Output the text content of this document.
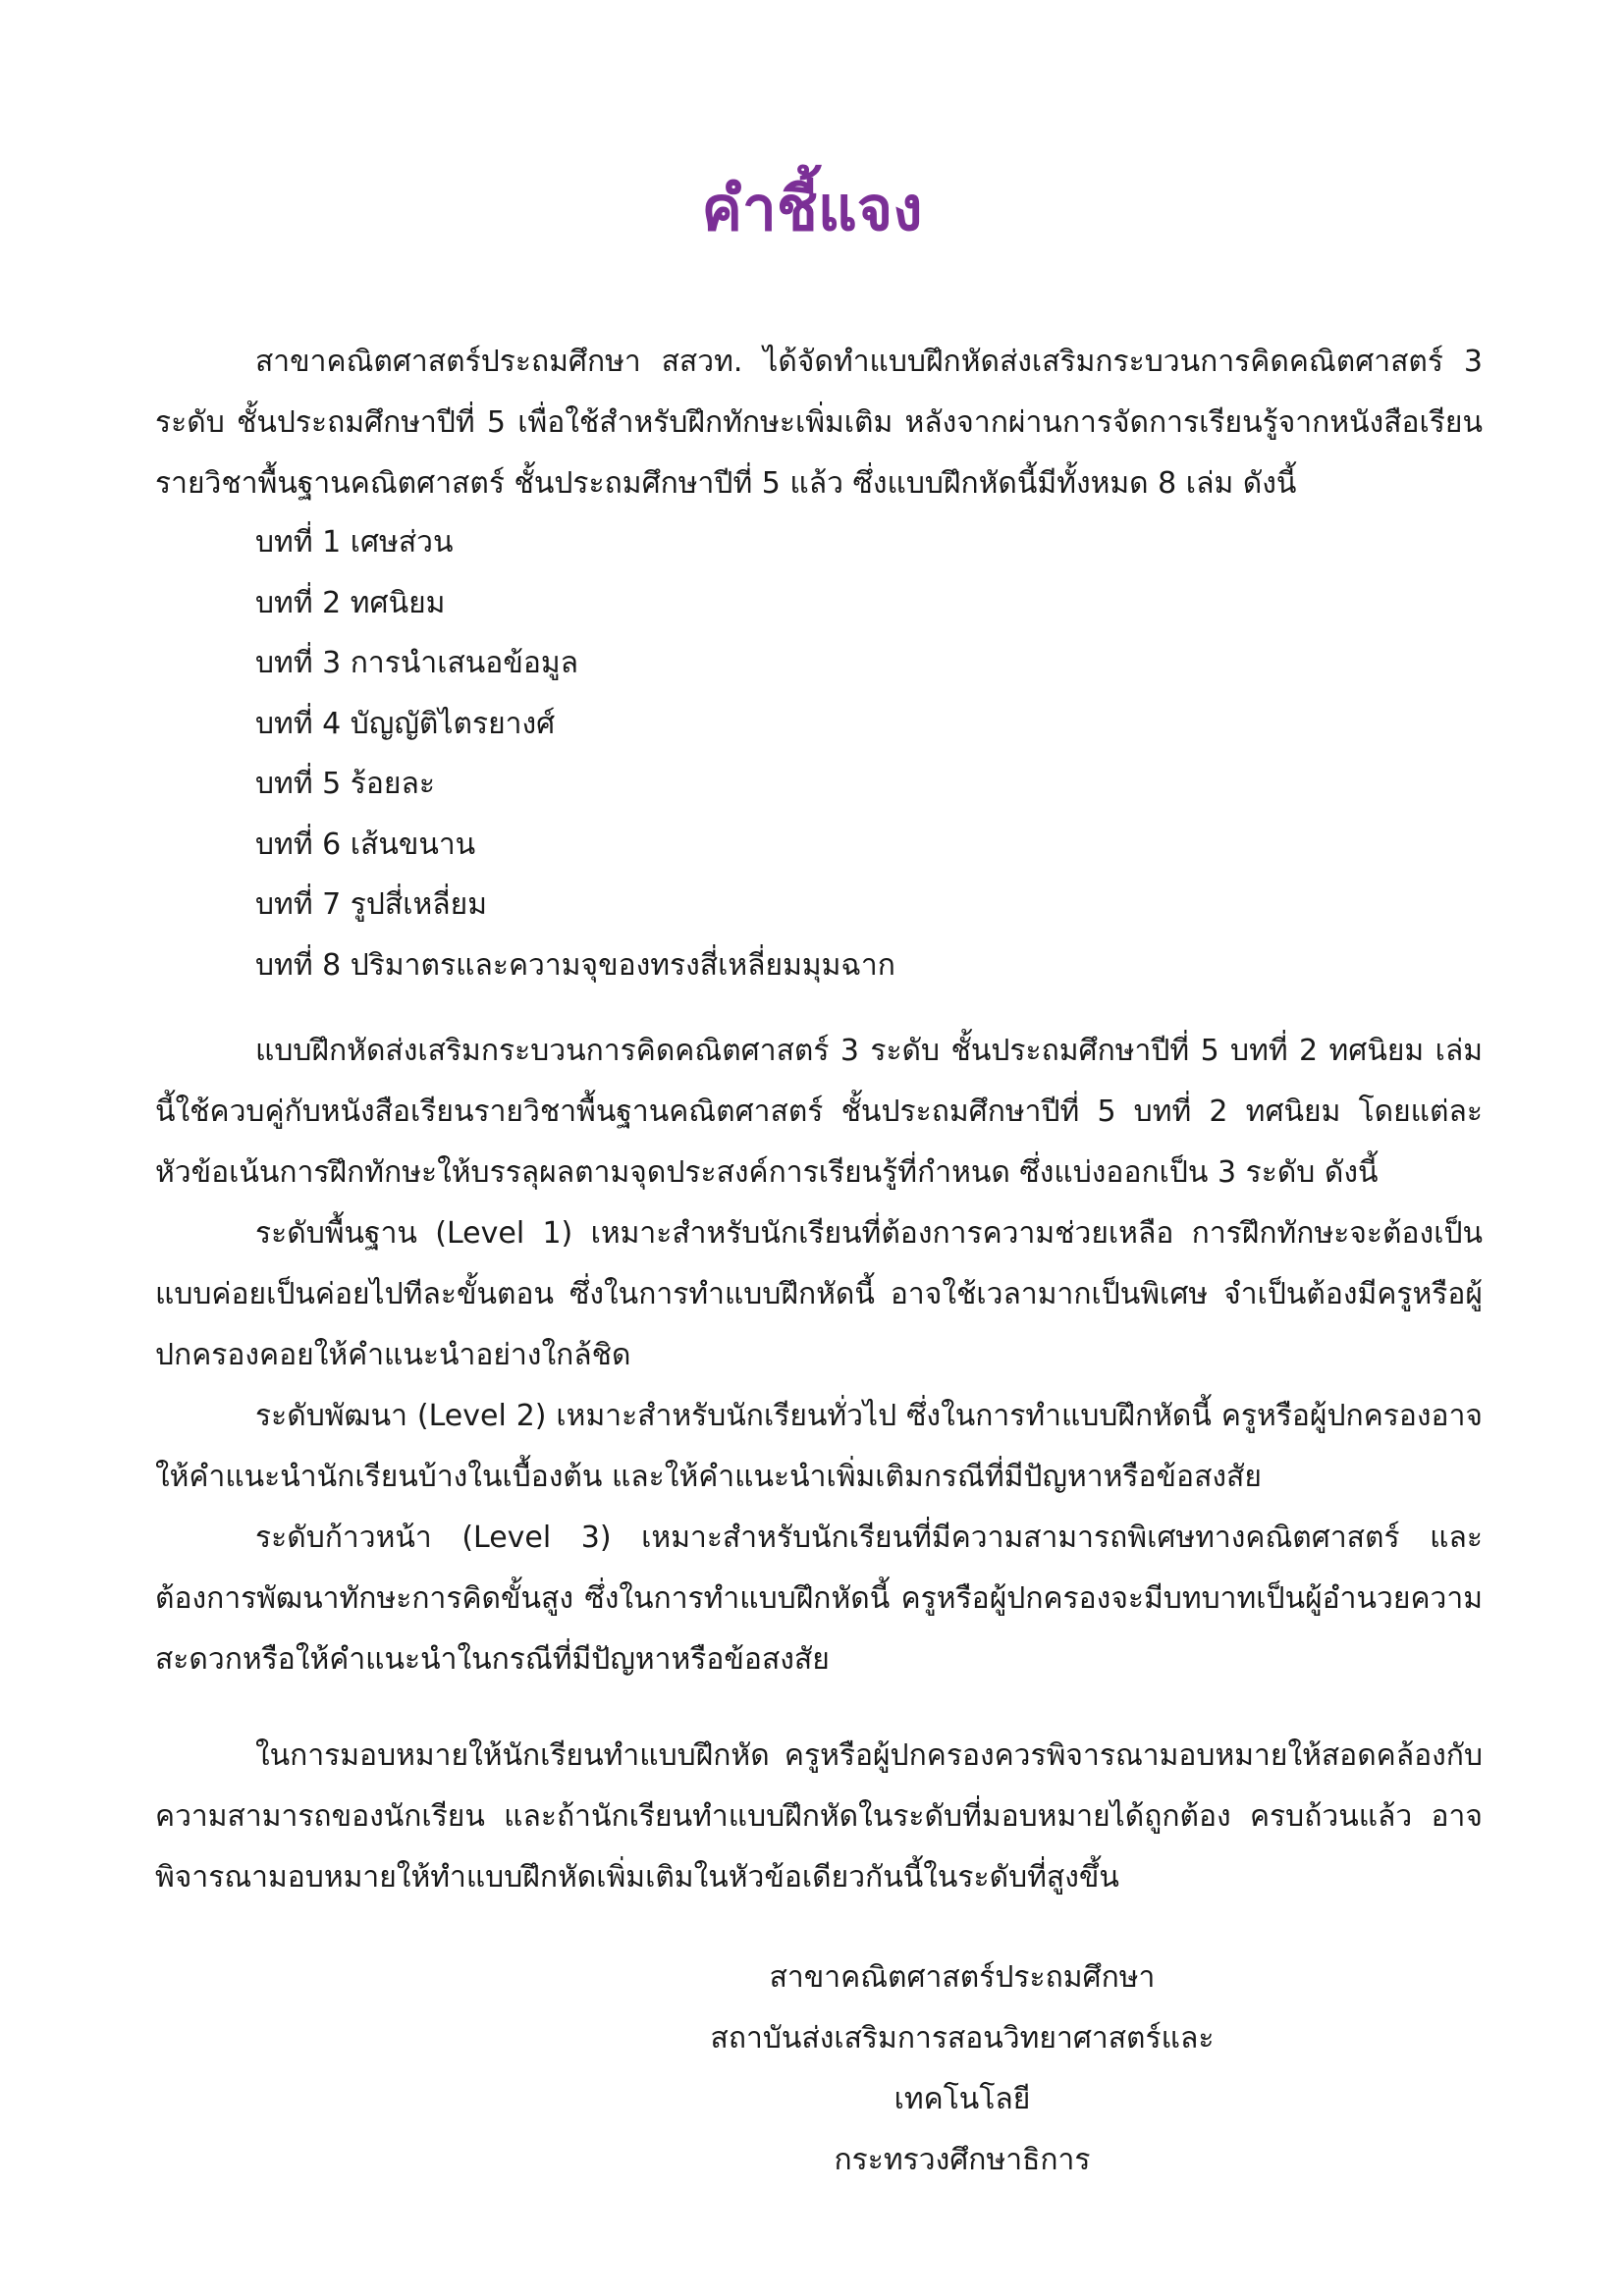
คำชี้แจง

สาขาคณิตศาสตร์ประถมศึกษา สสวท. ได้จัดทำแบบฝึกหัดส่งเสริมกระบวนการคิดคณิตศาสตร์ 3 ระดับ ชั้นประถมศึกษาปีที่ 5 เพื่อใช้สำหรับฝึกทักษะเพิ่มเติม หลังจากผ่านการจัดการเรียนรู้จากหนังสือเรียนรายวิชาพื้นฐานคณิตศาสตร์ ชั้นประถมศึกษาปีที่ 5 แล้ว ซึ่งแบบฝึกหัดนี้มีทั้งหมด 8 เล่ม ดังนี้

บทที่ 1 เศษส่วน
บทที่ 2 ทศนิยม
บทที่ 3 การนำเสนอข้อมูล
บทที่ 4 บัญญัติไตรยางศ์
บทที่ 5 ร้อยละ
บทที่ 6 เส้นขนาน
บทที่ 7 รูปสี่เหลี่ยม
บทที่ 8 ปริมาตรและความจุของทรงสี่เหลี่ยมมุมฉาก

แบบฝึกหัดส่งเสริมกระบวนการคิดคณิตศาสตร์ 3 ระดับ ชั้นประถมศึกษาปีที่ 5 บทที่ 2 ทศนิยม เล่มนี้ใช้ควบคู่กับหนังสือเรียนรายวิชาพื้นฐานคณิตศาสตร์ ชั้นประถมศึกษาปีที่ 5 บทที่ 2 ทศนิยม โดยแต่ละหัวข้อเน้นการฝึกทักษะให้บรรลุผลตามจุดประสงค์การเรียนรู้ที่กำหนด ซึ่งแบ่งออกเป็น 3 ระดับ ดังนี้

ระดับพื้นฐาน (Level 1) เหมาะสำหรับนักเรียนที่ต้องการความช่วยเหลือ การฝึกทักษะจะต้องเป็นแบบค่อยเป็นค่อยไปทีละขั้นตอน ซึ่งในการทำแบบฝึกหัดนี้ อาจใช้เวลามากเป็นพิเศษ จำเป็นต้องมีครูหรือผู้ปกครองคอยให้คำแนะนำอย่างใกล้ชิด

ระดับพัฒนา (Level 2) เหมาะสำหรับนักเรียนทั่วไป ซึ่งในการทำแบบฝึกหัดนี้ ครูหรือผู้ปกครองอาจให้คำแนะนำนักเรียนบ้างในเบื้องต้น และให้คำแนะนำเพิ่มเติมกรณีที่มีปัญหาหรือข้อสงสัย

ระดับก้าวหน้า (Level 3) เหมาะสำหรับนักเรียนที่มีความสามารถพิเศษทางคณิตศาสตร์ และต้องการพัฒนาทักษะการคิดขั้นสูง ซึ่งในการทำแบบฝึกหัดนี้ ครูหรือผู้ปกครองจะมีบทบาทเป็นผู้อำนวยความสะดวกหรือให้คำแนะนำในกรณีที่มีปัญหาหรือข้อสงสัย

ในการมอบหมายให้นักเรียนทำแบบฝึกหัด ครูหรือผู้ปกครองควรพิจารณามอบหมายให้สอดคล้องกับความสามารถของนักเรียน และถ้านักเรียนทำแบบฝึกหัดในระดับที่มอบหมายได้ถูกต้อง ครบถ้วนแล้ว อาจพิจารณามอบหมายให้ทำแบบฝึกหัดเพิ่มเติมในหัวข้อเดียวกันนี้ในระดับที่สูงขึ้น

สาขาคณิตศาสตร์ประถมศึกษา
สถาบันส่งเสริมการสอนวิทยาศาสตร์และเทคโนโลยี
กระทรวงศึกษาธิการ
